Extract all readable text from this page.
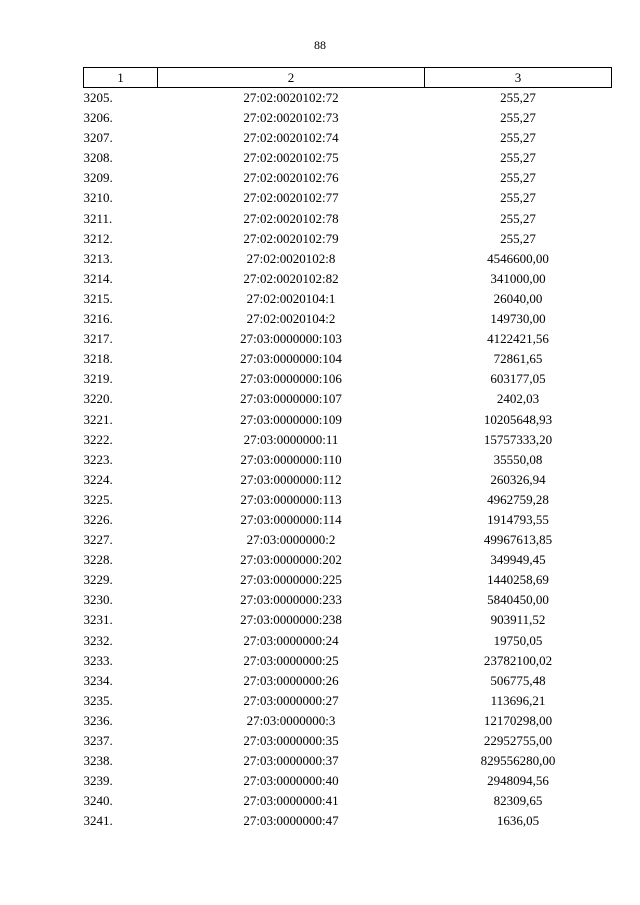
88
1	2	3
3205.	27:02:0020102:72	255,27
3206.	27:02:0020102:73	255,27
3207.	27:02:0020102:74	255,27
3208.	27:02:0020102:75	255,27
3209.	27:02:0020102:76	255,27
3210.	27:02:0020102:77	255,27
3211.	27:02:0020102:78	255,27
3212.	27:02:0020102:79	255,27
3213.	27:02:0020102:8	4546600,00
3214.	27:02:0020102:82	341000,00
3215.	27:02:0020104:1	26040,00
3216.	27:02:0020104:2	149730,00
3217.	27:03:0000000:103	4122421,56
3218.	27:03:0000000:104	72861,65
3219.	27:03:0000000:106	603177,05
3220.	27:03:0000000:107	2402,03
3221.	27:03:0000000:109	10205648,93
3222.	27:03:0000000:11	15757333,20
3223.	27:03:0000000:110	35550,08
3224.	27:03:0000000:112	260326,94
3225.	27:03:0000000:113	4962759,28
3226.	27:03:0000000:114	1914793,55
3227.	27:03:0000000:2	49967613,85
3228.	27:03:0000000:202	349949,45
3229.	27:03:0000000:225	1440258,69
3230.	27:03:0000000:233	5840450,00
3231.	27:03:0000000:238	903911,52
3232.	27:03:0000000:24	19750,05
3233.	27:03:0000000:25	23782100,02
3234.	27:03:0000000:26	506775,48
3235.	27:03:0000000:27	113696,21
3236.	27:03:0000000:3	12170298,00
3237.	27:03:0000000:35	22952755,00
3238.	27:03:0000000:37	829556280,00
3239.	27:03:0000000:40	2948094,56
3240.	27:03:0000000:41	82309,65
3241.	27:03:0000000:47	1636,05
